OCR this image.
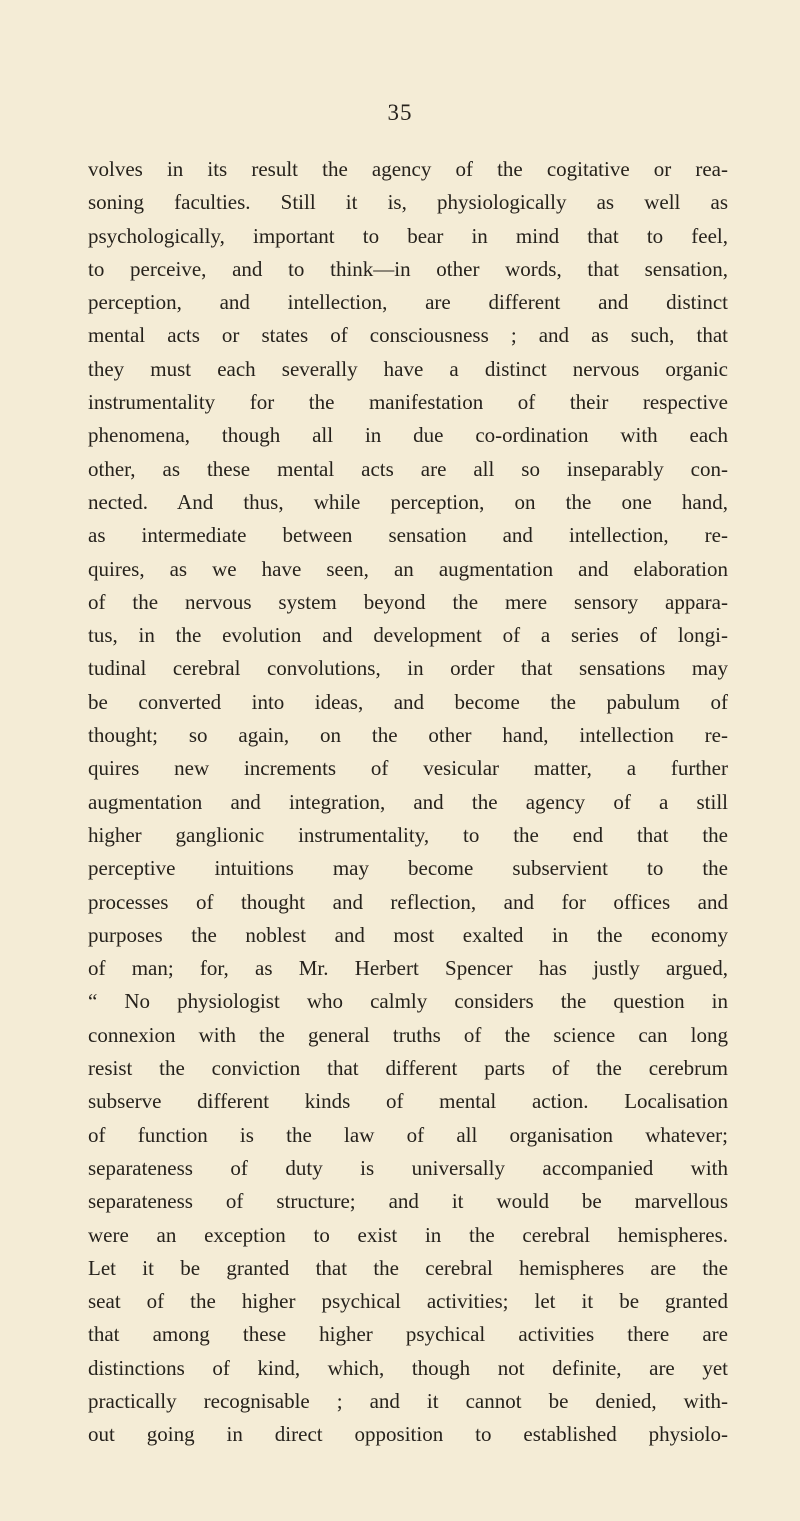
35
volves in its result the agency of the cogitative or rea-
soning faculties. Still it is, physiologically as well as
psychologically, important to bear in mind that to feel,
to perceive, and to think—in other words, that sensation,
perception, and intellection, are different and distinct
mental acts or states of consciousness ; and as such, that
they must each severally have a distinct nervous organic
instrumentality for the manifestation of their respective
phenomena, though all in due co-ordination with each
other, as these mental acts are all so inseparably con-
nected. And thus, while perception, on the one hand,
as intermediate between sensation and intellection, re-
quires, as we have seen, an augmentation and elaboration
of the nervous system beyond the mere sensory appara-
tus, in the evolution and development of a series of longi-
tudinal cerebral convolutions, in order that sensations may
be converted into ideas, and become the pabulum of
thought; so again, on the other hand, intellection re-
quires new increments of vesicular matter, a further
augmentation and integration, and the agency of a still
higher ganglionic instrumentality, to the end that the
perceptive intuitions may become subservient to the
processes of thought and reflection, and for offices and
purposes the noblest and most exalted in the economy
of man; for, as Mr. Herbert Spencer has justly argued,
“ No physiologist who calmly considers the question in
connexion with the general truths of the science can long
resist the conviction that different parts of the cerebrum
subserve different kinds of mental action. Localisation
of function is the law of all organisation whatever;
separateness of duty is universally accompanied with
separateness of structure; and it would be marvellous
were an exception to exist in the cerebral hemispheres.
Let it be granted that the cerebral hemispheres are the
seat of the higher psychical activities; let it be granted
that among these higher psychical activities there are
distinctions of kind, which, though not definite, are yet
practically recognisable ; and it cannot be denied, with-
out going in direct opposition to established physiolo-
